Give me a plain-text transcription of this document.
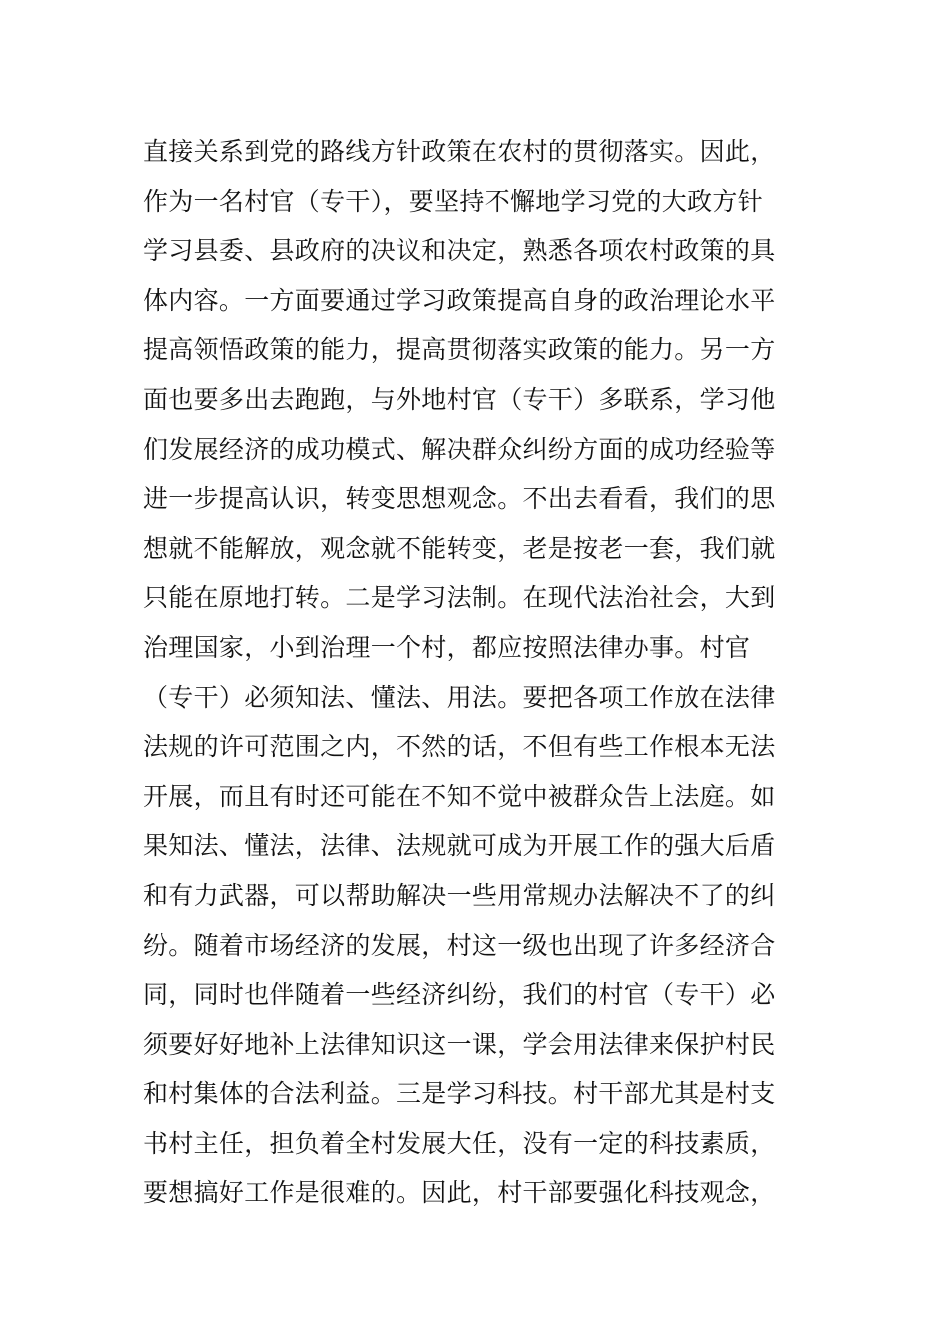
直接关系到党的路线方针政策在农村的贯彻落实。因此，
作为一名村官（专干），要坚持不懈地学习党的大政方针
学习县委、县政府的决议和决定，熟悉各项农村政策的具
体内容。一方面要通过学习政策提高自身的政治理论水平
提高领悟政策的能力，提高贯彻落实政策的能力。另一方
面也要多出去跑跑，与外地村官（专干）多联系，学习他
们发展经济的成功模式、解决群众纠纷方面的成功经验等
进一步提高认识，转变思想观念。不出去看看，我们的思
想就不能解放，观念就不能转变，老是按老一套，我们就
只能在原地打转。二是学习法制。在现代法治社会，大到
治理国家，小到治理一个村，都应按照法律办事。村官
（专干）必须知法、懂法、用法。要把各项工作放在法律
法规的许可范围之内，不然的话，不但有些工作根本无法
开展，而且有时还可能在不知不觉中被群众告上法庭。如
果知法、懂法，法律、法规就可成为开展工作的强大后盾
和有力武器，可以帮助解决一些用常规办法解决不了的纠
纷。随着市场经济的发展，村这一级也出现了许多经济合
同，同时也伴随着一些经济纠纷，我们的村官（专干）必
须要好好地补上法律知识这一课，学会用法律来保护村民
和村集体的合法利益。三是学习科技。村干部尤其是村支
书村主任，担负着全村发展大任，没有一定的科技素质，
要想搞好工作是很难的。因此，村干部要强化科技观念，
